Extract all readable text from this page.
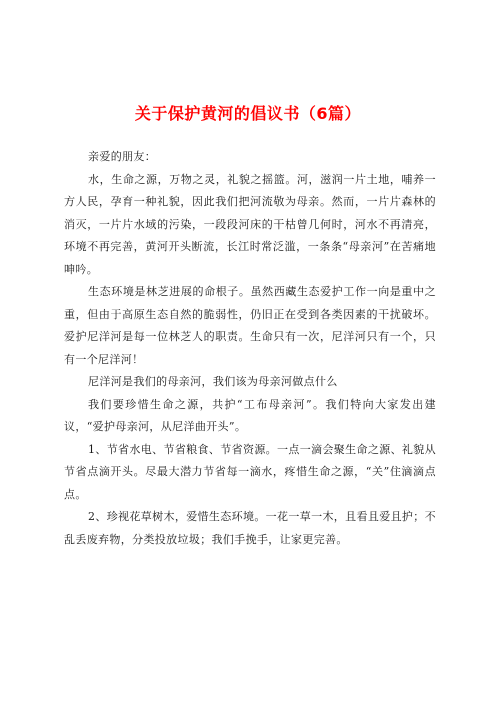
关于保护黄河的倡议书（6篇）

亲爱的朋友：

水，生命之源，万物之灵，礼貌之摇篮。河，滋润一片土地，哺养一方人民，孕育一种礼貌，因此我们把河流敬为母亲。然而，一片片森林的消灭，一片片水域的污染，一段段河床的干枯曾几何时，河水不再清亮，环境不再完善，黄河开头断流，长江时常泛滥，一条条“母亲河”在苦痛地呻吟。

生态环境是林芝进展的命根子。虽然西藏生态爱护工作一向是重中之重，但由于高原生态自然的脆弱性，仍旧正在受到各类因素的干扰破坏。爱护尼洋河是每一位林芝人的职责。生命只有一次，尼洋河只有一个，只有一个尼洋河！

尼洋河是我们的母亲河，我们该为母亲河做点什么

我们要珍惜生命之源，共护“工布母亲河”。我们特向大家发出建议，“爱护母亲河，从尼洋曲开头”。

1、节省水电、节省粮食、节省资源。一点一滴会聚生命之源、礼貌从节省点滴开头。尽最大潜力节省每一滴水，疼惜生命之源，“关”住滴滴点点。

2、珍视花草树木，爱惜生态环境。一花一草一木，且看且爱且护；不乱丢废弃物，分类投放垃圾；我们手挽手，让家更完善。
